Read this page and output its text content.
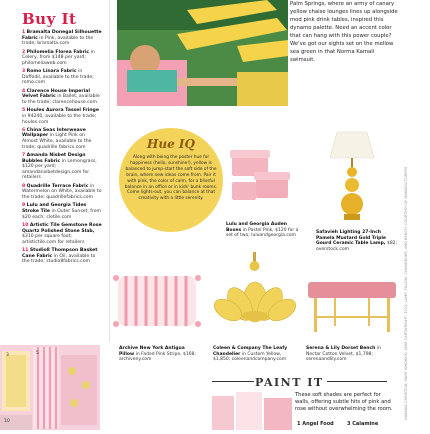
Buy It
1 Bramalta Donegal Silhouette Fabric in Pink, available to the trade; bramalta.com
2 Philomelia Florea Fabric in Celery, from $148 per yard; philomeliaweb.com
3 Romo Linara Fabric in Daffodil, available to the trade; romo.com
4 Clarence House Imperial Velvet Fabric in Ballet, available to the trade; clarencehouse.com
5 Houles Aurora Tassel Fringe in 94240, available to the trade; houles.com
6 China Seas Interweave Wallpaper in Light Pink on Almost White, available to the trade; quadrille fabrics.com
7 Amanda Nisbet Design Bubbles Fabric in Lemongrass, $120 per yard; amandanisbetdesign.com for retailers
8 Quadrille Terrace Fabric in Watermelon on White, available to the trade; quadrillefabrics.com
9 Lulu and Georgia Tides Stroke Tile in Outer Sunset, from $20 each; cletile.com
10 Artistic Tile Gemstone Rose Quartz Polished Stone Slab, $310 per square foot; artistictile.com for retailers
11 Studio8 Thompson Basket Cane Fabric in Oil, available to the trade; studio8fabrics.com
3	5
10
Palm Springs, where an army of canary yellow chaise lounges lines up alongside mod pink drink tables, inspired this dynamo palette. Need an accent color that can hang with this power couple? We've got our sights set on the mellow sea green in that Norma Kamali swimsuit.
Hue IQ
Along with being the poster hue for happiness (hello, sunshine!), yellow is balanced to jump-start the soft side of the brain, where new ideas come from. Pair it with pink, the color of calm, for a blissful balance in an office or in kids' bunk rooms. Come lights-out, you can balance at that creativity with a little serenity.
Lulu and Georgia Auden Boxes in Pastel Pink, $120 for a set of two; luluandgeorgia.com
Safavieh Lighting 27-Inch Pamela Mustard Gold Triple Gourd Ceramic Table Lamp, $82; overstock.com
Archive New York Antigua Pillow in Faded Pink Stripe, $168; archiveny.com
Coleen & Company The Leafy Chandelier in Custom Yellow, $1,850; coleenandcompany.com
Serena & Lily Dorset Bench in Nectar Cotton Velvet, $1,798; serenaandlily.com
PAINT IT
These soft shades are perfect for walls, offering subtle hits of pink and rose without overwhelming the room.
1 Angel Food	3 Calamine
AMANDA CHRISTIAN; MARY KINDRICK; AMIE CARTWRIGHT; 2023; LAMP, FILLOW, CHANDELIER, AND BENCH: COURTESY OF MANUFACTURERS
